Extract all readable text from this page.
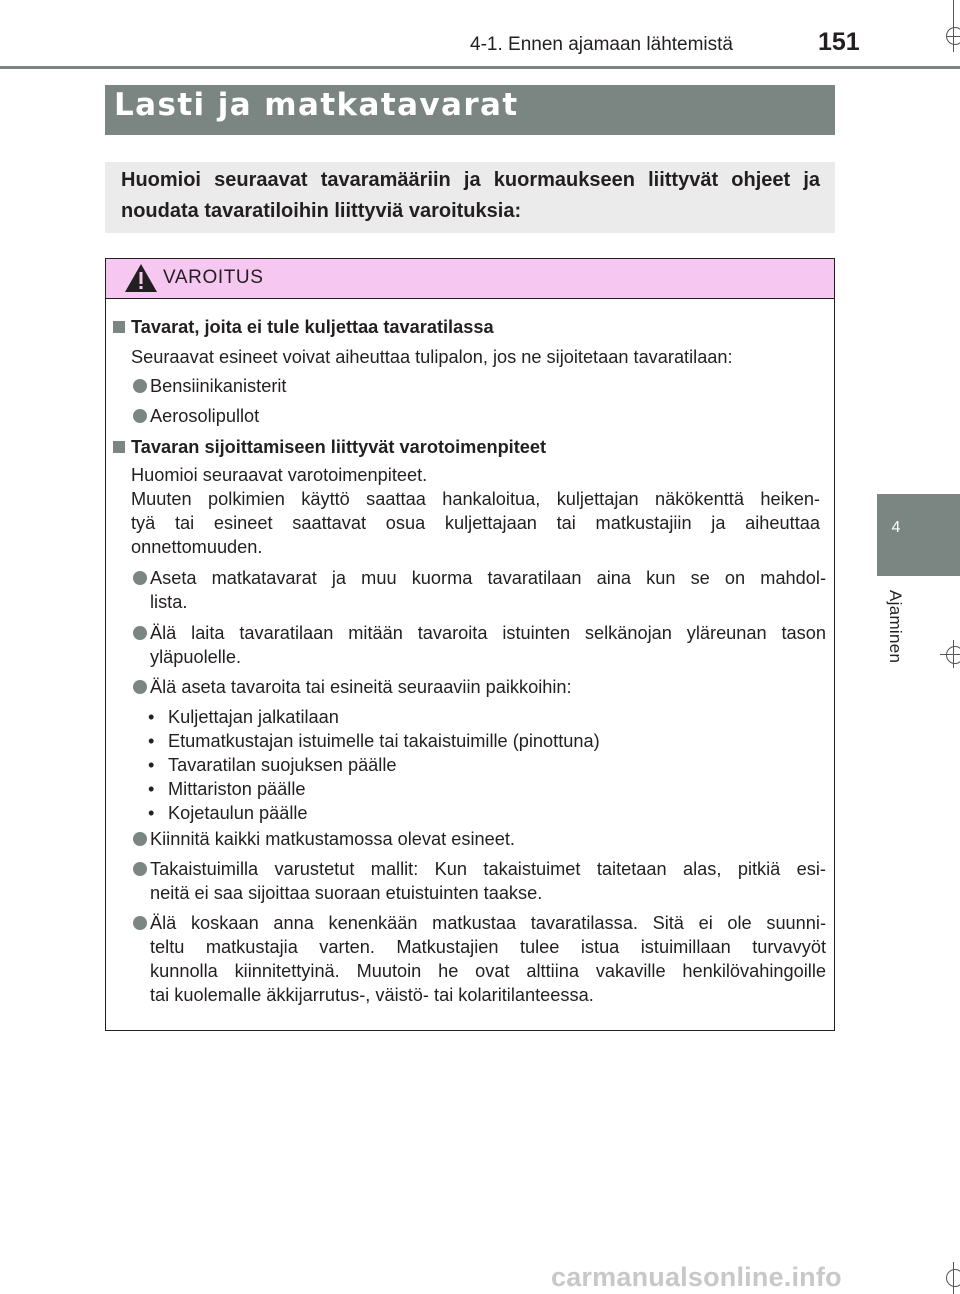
4-1. Ennen ajamaan lähtemistä	151
4
Ajaminen
Lasti ja matkatavarat
Huomioi seuraavat tavaramääriin ja kuormaukseen liittyvät ohjeet ja noudata tavaratiloihin liittyviä varoituksia:
VAROITUS
Tavarat, joita ei tule kuljettaa tavaratilassa
Seuraavat esineet voivat aiheuttaa tulipalon, jos ne sijoitetaan tavaratilaan:
Bensiinikanisterit
Aerosolipullot
Tavaran sijoittamiseen liittyvät varotoimenpiteet
Huomioi seuraavat varotoimenpiteet.
Muuten polkimien käyttö saattaa hankaloitua, kuljettajan näkökenttä heiken-
tyä tai esineet saattavat osua kuljettajaan tai matkustajiin ja aiheuttaa
onnettomuuden.
Aseta matkatavarat ja muu kuorma tavaratilaan aina kun se on mahdol-
lista.
Älä laita tavaratilaan mitään tavaroita istuinten selkänojan yläreunan tason
yläpuolelle.
Älä aseta tavaroita tai esineitä seuraaviin paikkoihin:
• Kuljettajan jalkatilaan
• Etumatkustajan istuimelle tai takaistuimille (pinottuna)
• Tavaratilan suojuksen päälle
• Mittariston päälle
• Kojetaulun päälle
Kiinnitä kaikki matkustamossa olevat esineet.
Takaistuimilla varustetut mallit: Kun takaistuimet taitetaan alas, pitkiä esi-
neitä ei saa sijoittaa suoraan etuistuinten taakse.
Älä koskaan anna kenenkään matkustaa tavaratilassa. Sitä ei ole suunni-
teltu matkustajia varten. Matkustajien tulee istua istuimillaan turvavyöt
kunnolla kiinnitettyinä. Muutoin he ovat alttiina vakaville henkilövahingoille
tai kuolemalle äkkijarrutus-, väistö- tai kolaritilanteessa.
carmanualsonline.info
